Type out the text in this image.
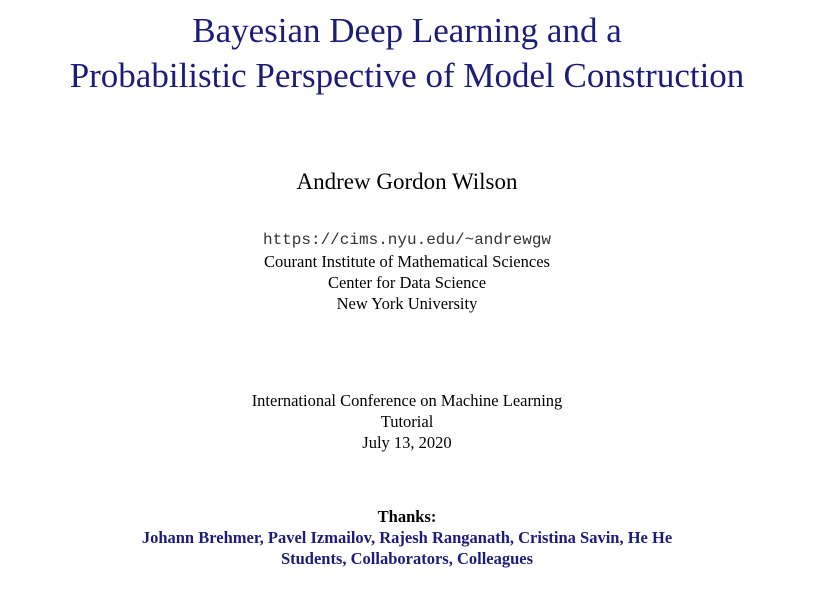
Bayesian Deep Learning and a
Probabilistic Perspective of Model Construction
Andrew Gordon Wilson
https://cims.nyu.edu/~andrewgw
Courant Institute of Mathematical Sciences
Center for Data Science
New York University
International Conference on Machine Learning
Tutorial
July 13, 2020
Thanks:
Johann Brehmer, Pavel Izmailov, Rajesh Ranganath, Cristina Savin, He He
Students, Collaborators, Colleagues
